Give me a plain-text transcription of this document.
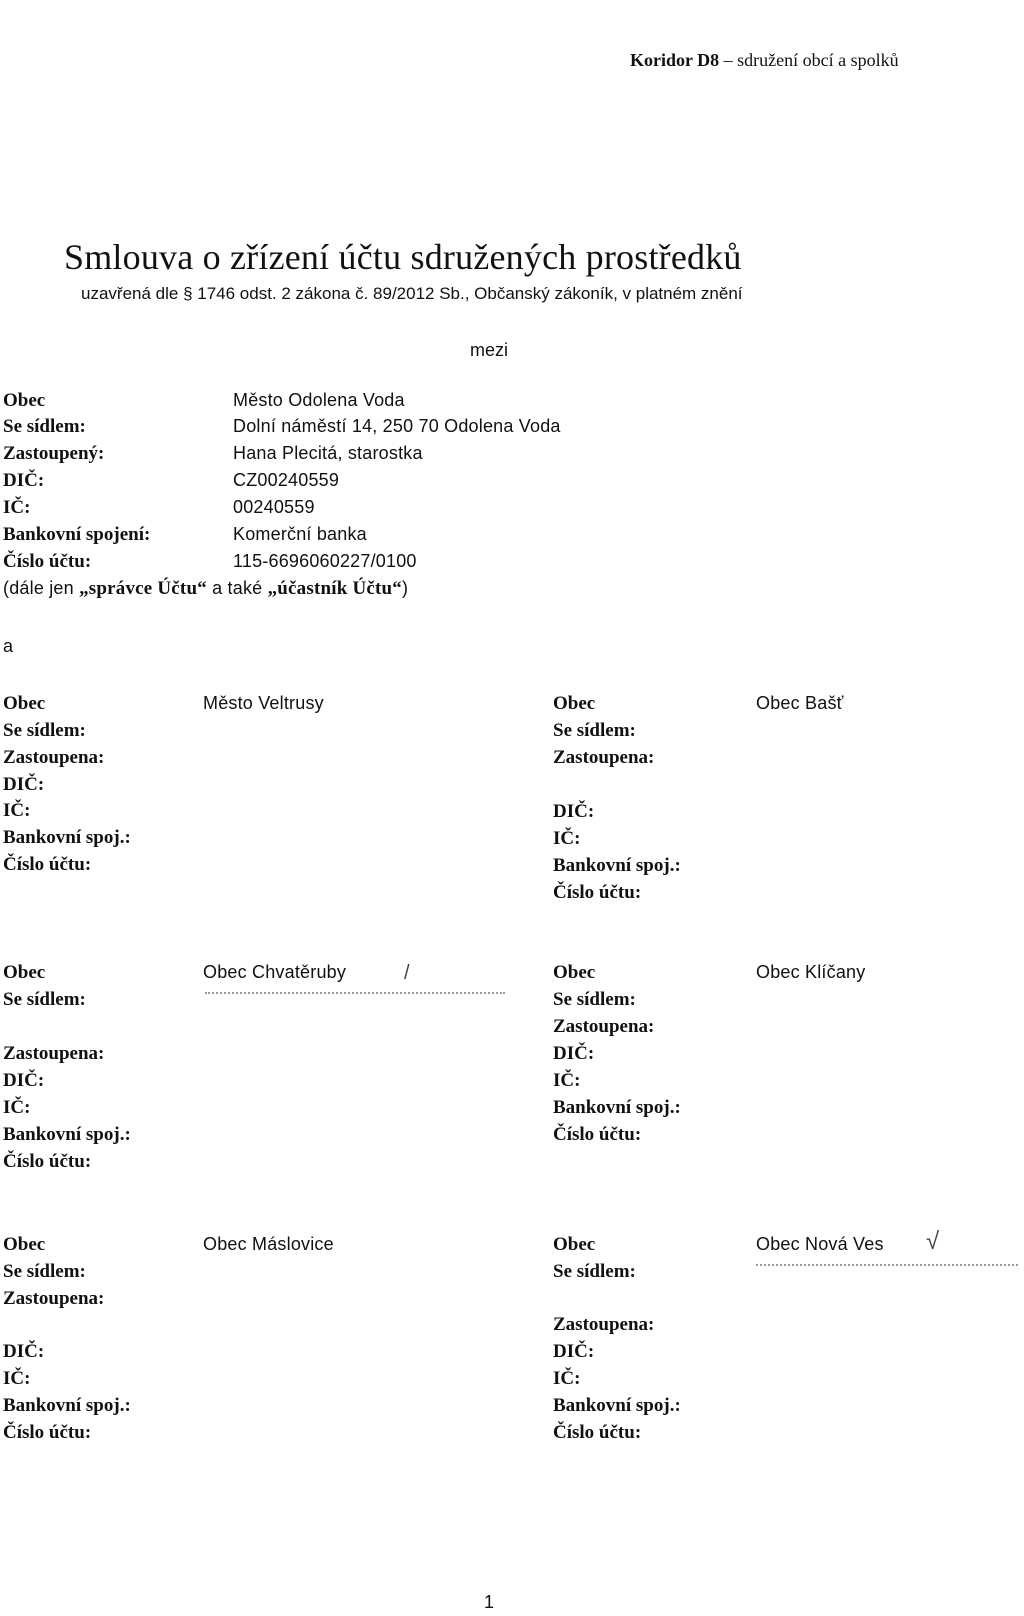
Koridor D8 – sdružení obcí a spolků
Smlouva o zřízení účtu sdružených prostředků
uzavřená dle § 1746 odst. 2 zákona č. 89/2012 Sb., Občanský zákoník, v platném znění
mezi
Obec	Město Odolena Voda
Se sídlem:	Dolní náměstí 14, 250 70 Odolena Voda
Zastoupený:	Hana Plecitá, starostka
DIČ:	CZ00240559
IČ:	00240559
Bankovní spojení:	Komerční banka
Číslo účtu:	115-6696060227/0100
(dále jen „správce Účtu“ a také „účastník Účtu“)
a
Obec	Město Veltrusy
Se sídlem:
Zastoupena:
DIČ:
IČ:
Bankovní spoj.:
Číslo účtu:
Obec	Obec Bašť
Se sídlem:
Zastoupena:
DIČ:
IČ:
Bankovní spoj.:
Číslo účtu:
Obec	Obec Chvatěruby	/
Se sídlem:
Zastoupena:
DIČ:
IČ:
Bankovní spoj.:
Číslo účtu:
Obec	Obec Klíčany
Se sídlem:
Zastoupena:
DIČ:
IČ:
Bankovní spoj.:
Číslo účtu:
Obec	Obec Máslovice
Se sídlem:
Zastoupena:
DIČ:
IČ:
Bankovní spoj.:
Číslo účtu:
Obec	Obec Nová Ves √
Se sídlem:
Zastoupena:
DIČ:
IČ:
Bankovní spoj.:
Číslo účtu:
1
